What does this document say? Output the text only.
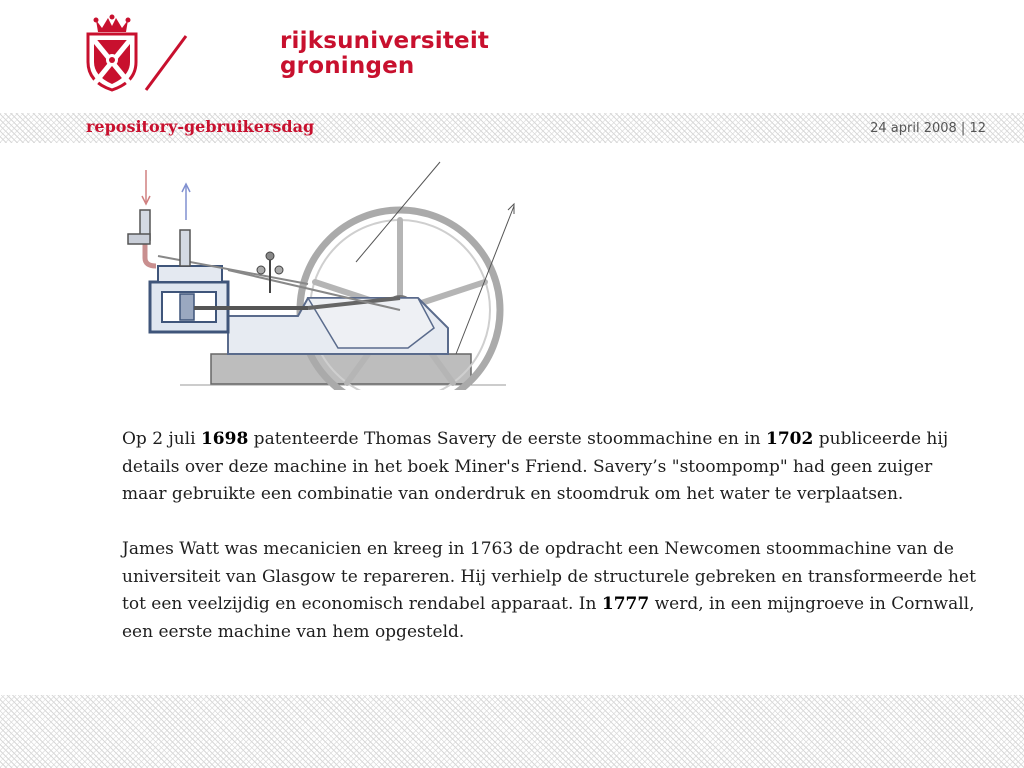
rijksuniversiteit
groningen
repository-gebruikersdag	24 april 2008 | 12

Op 2 juli 1698 patenteerde Thomas Savery de eerste stoommachine en in 1702 publiceerde hij details over deze machine in het boek Miner's Friend. Savery’s "stoompomp" had geen zuiger maar gebruikte een combinatie van onderdruk en stoomdruk om het water te verplaatsen.

James Watt was mecanicien en kreeg in 1763 de opdracht een Newcomen stoommachine van de universiteit van Glasgow te repareren. Hij verhielp de structurele gebreken en transformeerde het tot een veelzijdig en economisch rendabel apparaat. In 1777 werd, in een mijngroeve in Cornwall, een eerste machine van hem opgesteld.
